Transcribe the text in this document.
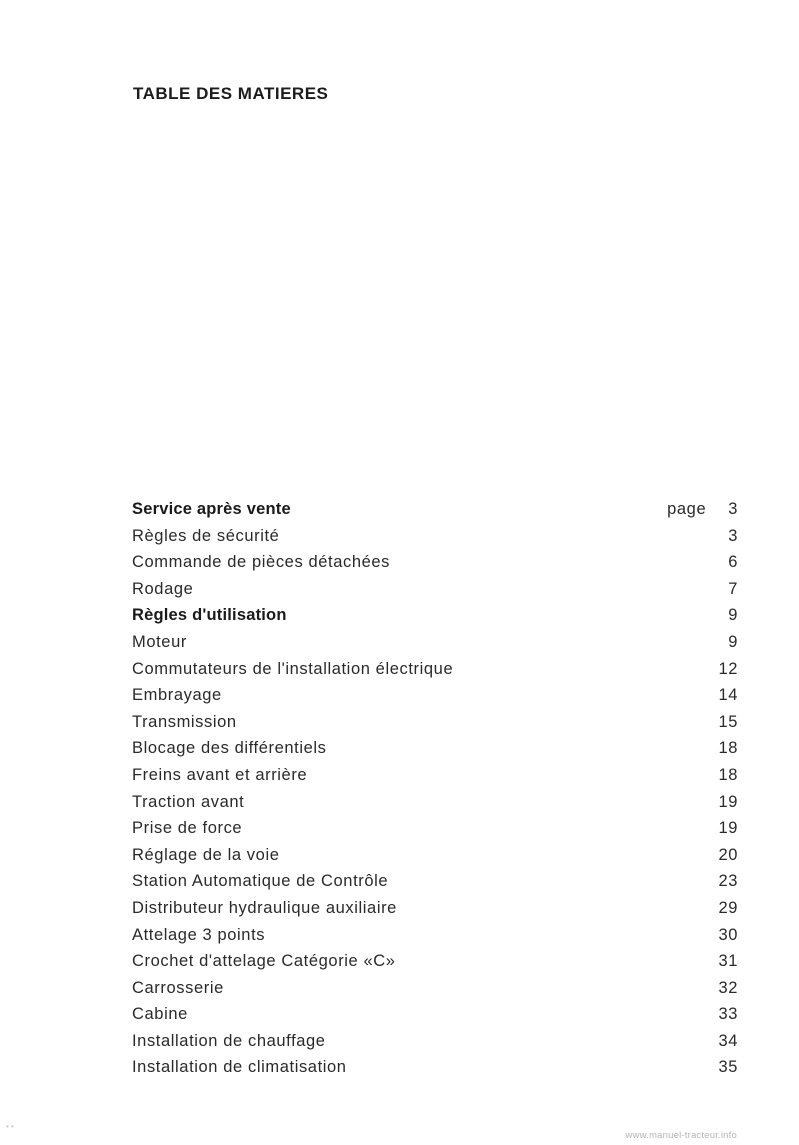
TABLE DES MATIERES
Service après vente	page 3
Règles de sécurité	3
Commande de pièces détachées	6
Rodage	7
Règles d'utilisation	9
Moteur	9
Commutateurs de l'installation électrique	12
Embrayage	14
Transmission	15
Blocage des différentiels	18
Freins avant et arrière	18
Traction avant	19
Prise de force	19
Réglage de la voie	20
Station Automatique de Contrôle	23
Distributeur hydraulique auxiliaire	29
Attelage 3 points	30
Crochet d'attelage Catégorie «C»	31
Carrosserie	32
Cabine	33
Installation de chauffage	34
Installation de climatisation	35
• •
www.manuel-tracteur.info
